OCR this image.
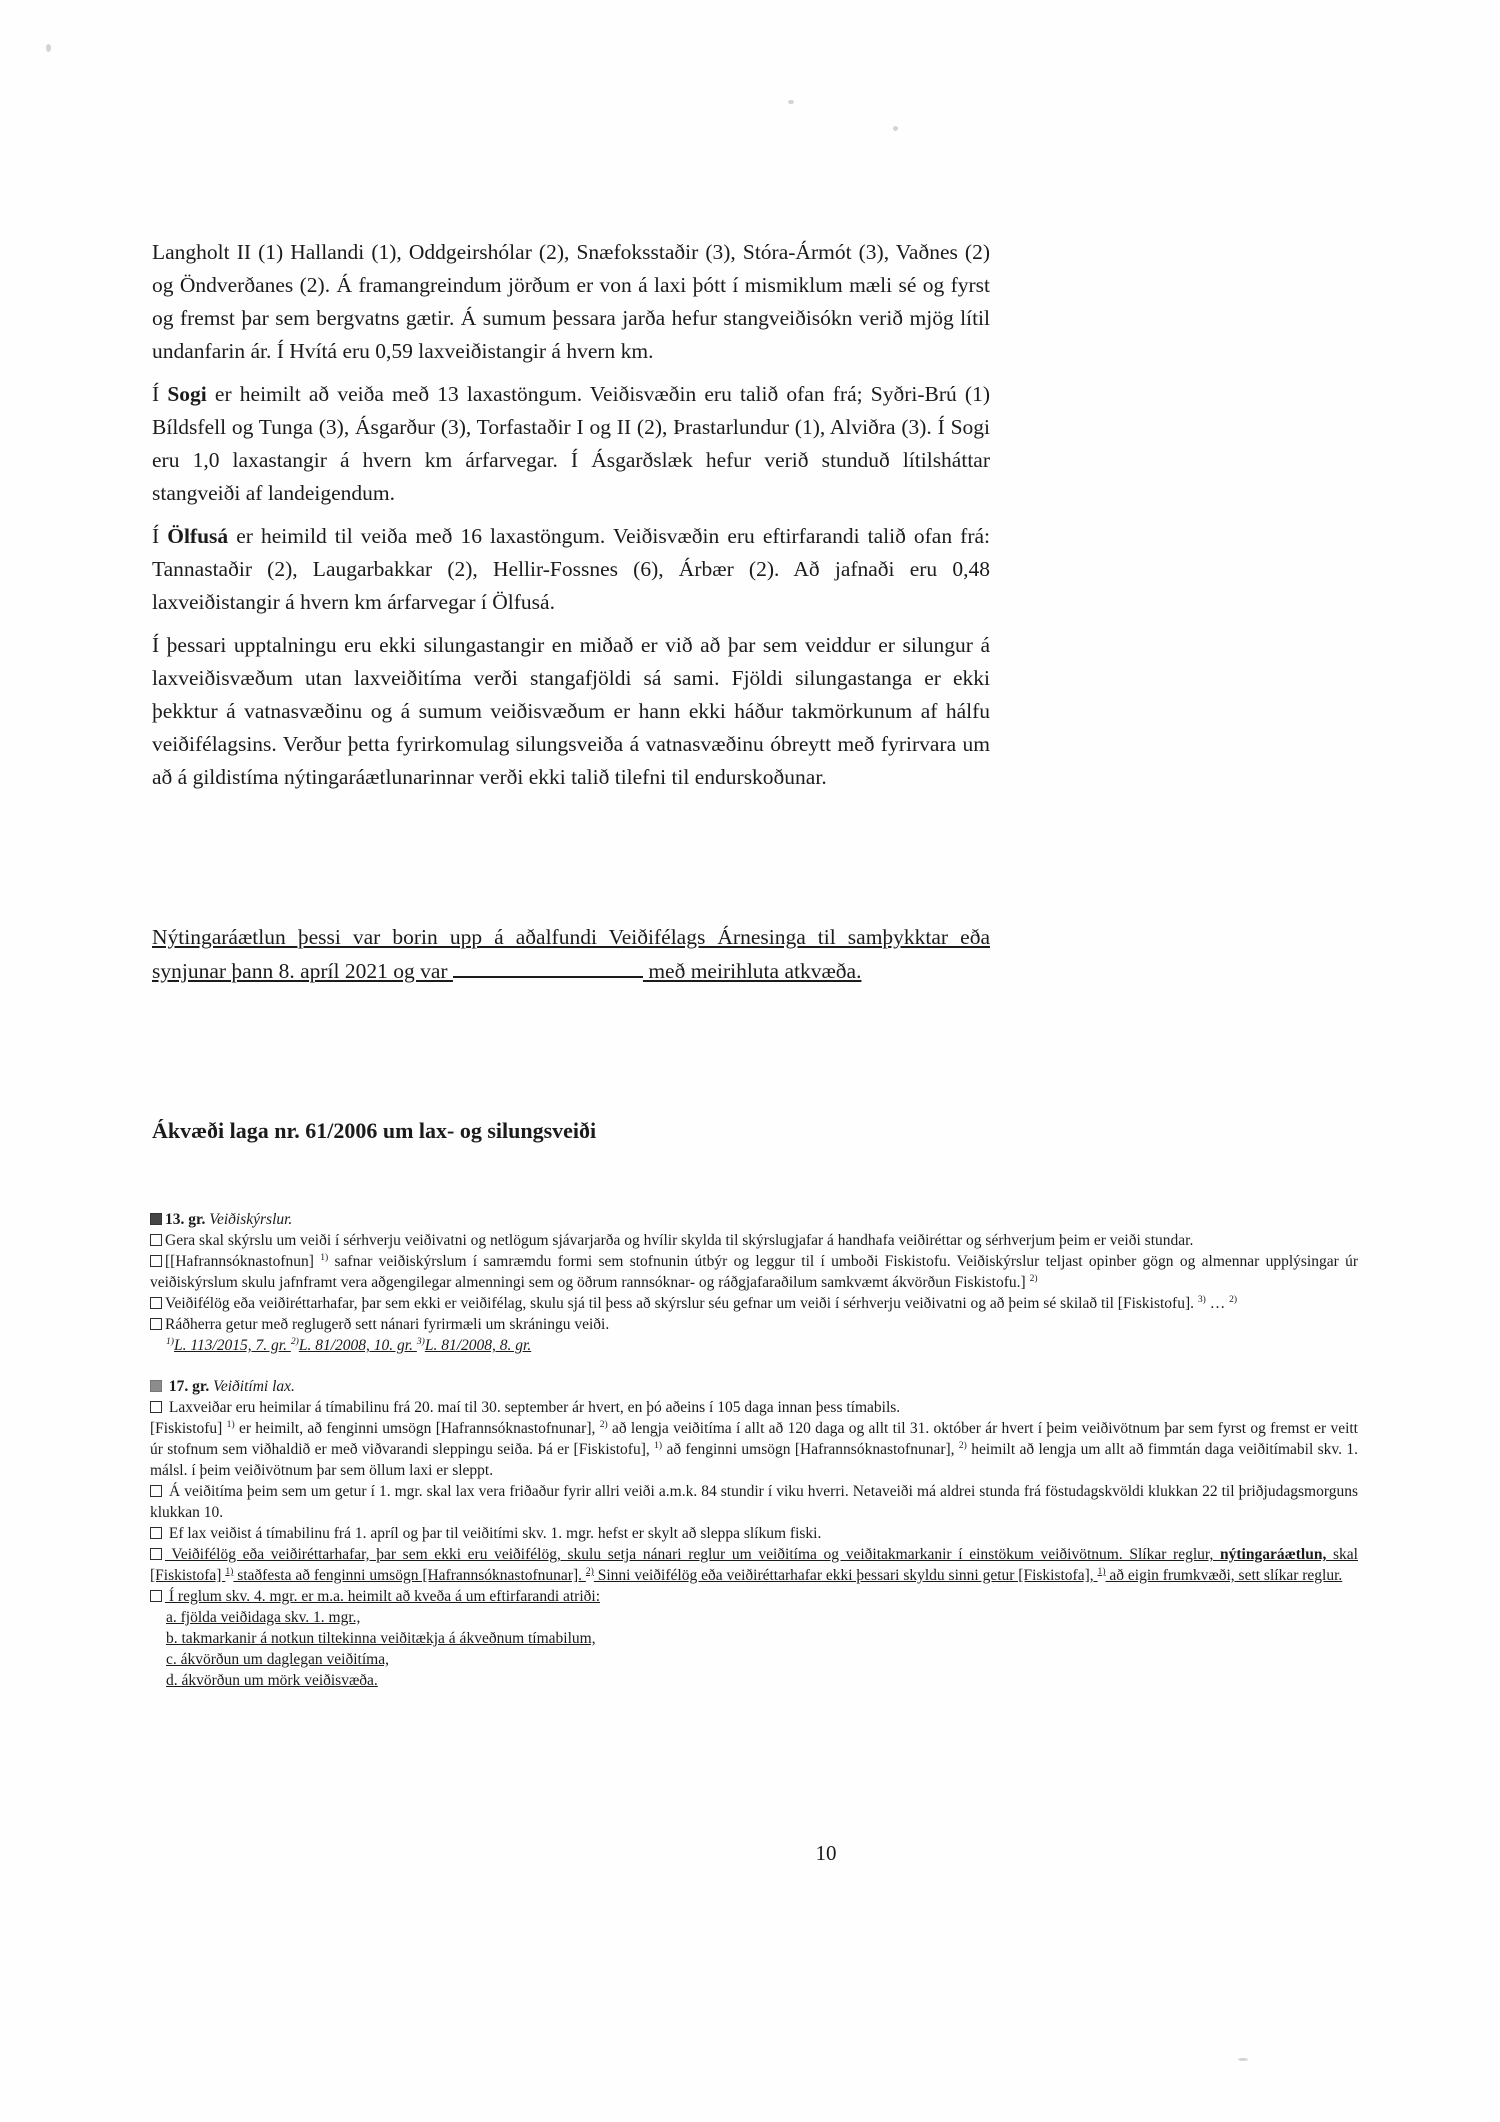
Langholt II (1) Hallandi (1), Oddgeirshólar (2), Snæfoksstaðir (3), Stóra-Ármót (3), Vaðnes (2) og Öndverðanes (2). Á framangreindum jörðum er von á laxi þótt í mismiklum mæli sé og fyrst og fremst þar sem bergvatns gætir. Á sumum þessara jarða hefur stangveiðisókn verið mjög lítil undanfarin ár. Í Hvítá eru 0,59 laxveiðistangir á hvern km.

Í Sogi er heimilt að veiða með 13 laxastöngum. Veiðisvæðin eru talið ofan frá; Syðri-Brú (1) Bíldsfell og Tunga (3), Ásgarður (3), Torfastaðir I og II (2), Þrastarlundur (1), Alviðra (3). Í Sogi eru 1,0 laxastangir á hvern km árfarvegar. Í Ásgarðslæk hefur verið stunduð lítilsháttar stangveiði af landeigendum.

Í Ölfusá er heimild til veiða með 16 laxastöngum. Veiðisvæðin eru eftirfarandi talið ofan frá: Tannastaðir (2), Laugarbakkar (2), Hellir-Fossnes (6), Árbær (2). Að jafnaði eru 0,48 laxveiðistangir á hvern km árfarvegar í Ölfusá.

Í þessari upptalningu eru ekki silungastangir en miðað er við að þar sem veiddur er silungur á laxveiðisvæðum utan laxveiðitíma verði stangafjöldi sá sami. Fjöldi silungastanga er ekki þekktur á vatnasvæðinu og á sumum veiðisvæðum er hann ekki háður takmörkunum af hálfu veiðifélagsins. Verður þetta fyrirkomulag silungsveiða á vatnasvæðinu óbreytt með fyrirvara um að á gildistíma nýtingaráætlunarinnar verði ekki talið tilefni til endurskoðunar.

Nýtingaráætlun þessi var borin upp á aðalfundi Veiðifélags Árnesinga til samþykktar eða synjunar þann 8. apríl 2021 og var	með meirihluta atkvæða.

Ákvæði laga nr. 61/2006 um lax- og silungsveiði

13. gr. Veiðiskýrslur.

Gera skal skýrslu um veiði í sérhverju veiðivatni og netlögum sjávarjarða og hvílir skylda til skýrslugjafar á handhafa veiðiréttar og sérhverjum þeim er veiði stundar.

[[Hafrannsóknastofnun] $^{1)}$ safnar veiðiskýrslum í samræmdu formi sem stofnunin útbýr og leggur til í umboði Fiskistofu. Veiðiskýrslur teljast opinber gögn og almennar upplýsingar úr veiðiskýrslum skulu jafnframt vera aðgengilegar almenningi sem og öðrum rannsóknar- og ráðgjafaraðilum samkvæmt ákvörðun Fiskistofu.] $^{2)}$

Veiðifélög eða veiðiréttarhafar, þar sem ekki er veiðifélag, skulu sjá til þess að skýrslur séu gefnar um veiði í sérhverju veiðivatni og að þeim sé skilað til [Fiskistofu]. $^{3)}$ … $^{2)}$

Ráðherra getur með reglugerð sett nánari fyrirmæli um skráningu veiði.

$^{1)}$L. 113/2015, 7. gr. $^{2)}$L. 81/2008, 10. gr. $^{3)}$L. 81/2008, 8. gr.

17. gr. Veiðitími lax.

Laxveiðar eru heimilar á tímabilinu frá 20. maí til 30. september ár hvert, en þó aðeins í 105 daga innan þess tímabils.

[Fiskistofu] $^{1)}$ er heimilt, að fenginni umsögn [Hafrannsóknastofnunar], $^{2)}$ að lengja veiðitíma í allt að 120 daga og allt til 31. október ár hvert í þeim veiðivötnum þar sem fyrst og fremst er veitt úr stofnum sem viðhaldið er með viðvarandi sleppingu seiða. Þá er [Fiskistofu], $^{1)}$ að fenginni umsögn [Hafrannsóknastofnunar], $^{2)}$ heimilt að lengja um allt að fimmtán daga veiðitímabil skv. 1. málsl. í þeim veiðivötnum þar sem öllum laxi er sleppt.

Á veiðitíma þeim sem um getur í 1. mgr. skal lax vera friðaður fyrir allri veiði a.m.k. 84 stundir í viku hverri. Netaveiði má aldrei stunda frá föstudagskvöldi klukkan 22 til þriðjudagsmorguns klukkan 10.

Ef lax veiðist á tímabilinu frá 1. apríl og þar til veiðitími skv. 1. mgr. hefst er skylt að sleppa slíkum fiski.

Veiðifélög eða veiðiréttarhafar, þar sem ekki eru veiðifélög, skulu setja nánari reglur um veiðitíma og veiðitakmarkanir í einstökum veiðivötnum. Slíkar reglur, nýtingaráætlun, skal [Fiskistofa] $^{1)}$ staðfesta að fenginni umsögn [Hafrannsóknastofnunar]. $^{2)}$ Sinni veiðifélög eða veiðiréttarhafar ekki þessari skyldu sinni getur [Fiskistofa], $^{1)}$ að eigin frumkvæði, sett slíkar reglur.

Í reglum skv. 4. mgr. er m.a. heimilt að kveða á um eftirfarandi atriði:

a. fjölda veiðidaga skv. 1. mgr.,

b. takmarkanir á notkun tiltekinna veiðitækja á ákveðnum tímabilum,

c. ákvörðun um daglegan veiðitíma,

d. ákvörðun um mörk veiðisvæða.

10
